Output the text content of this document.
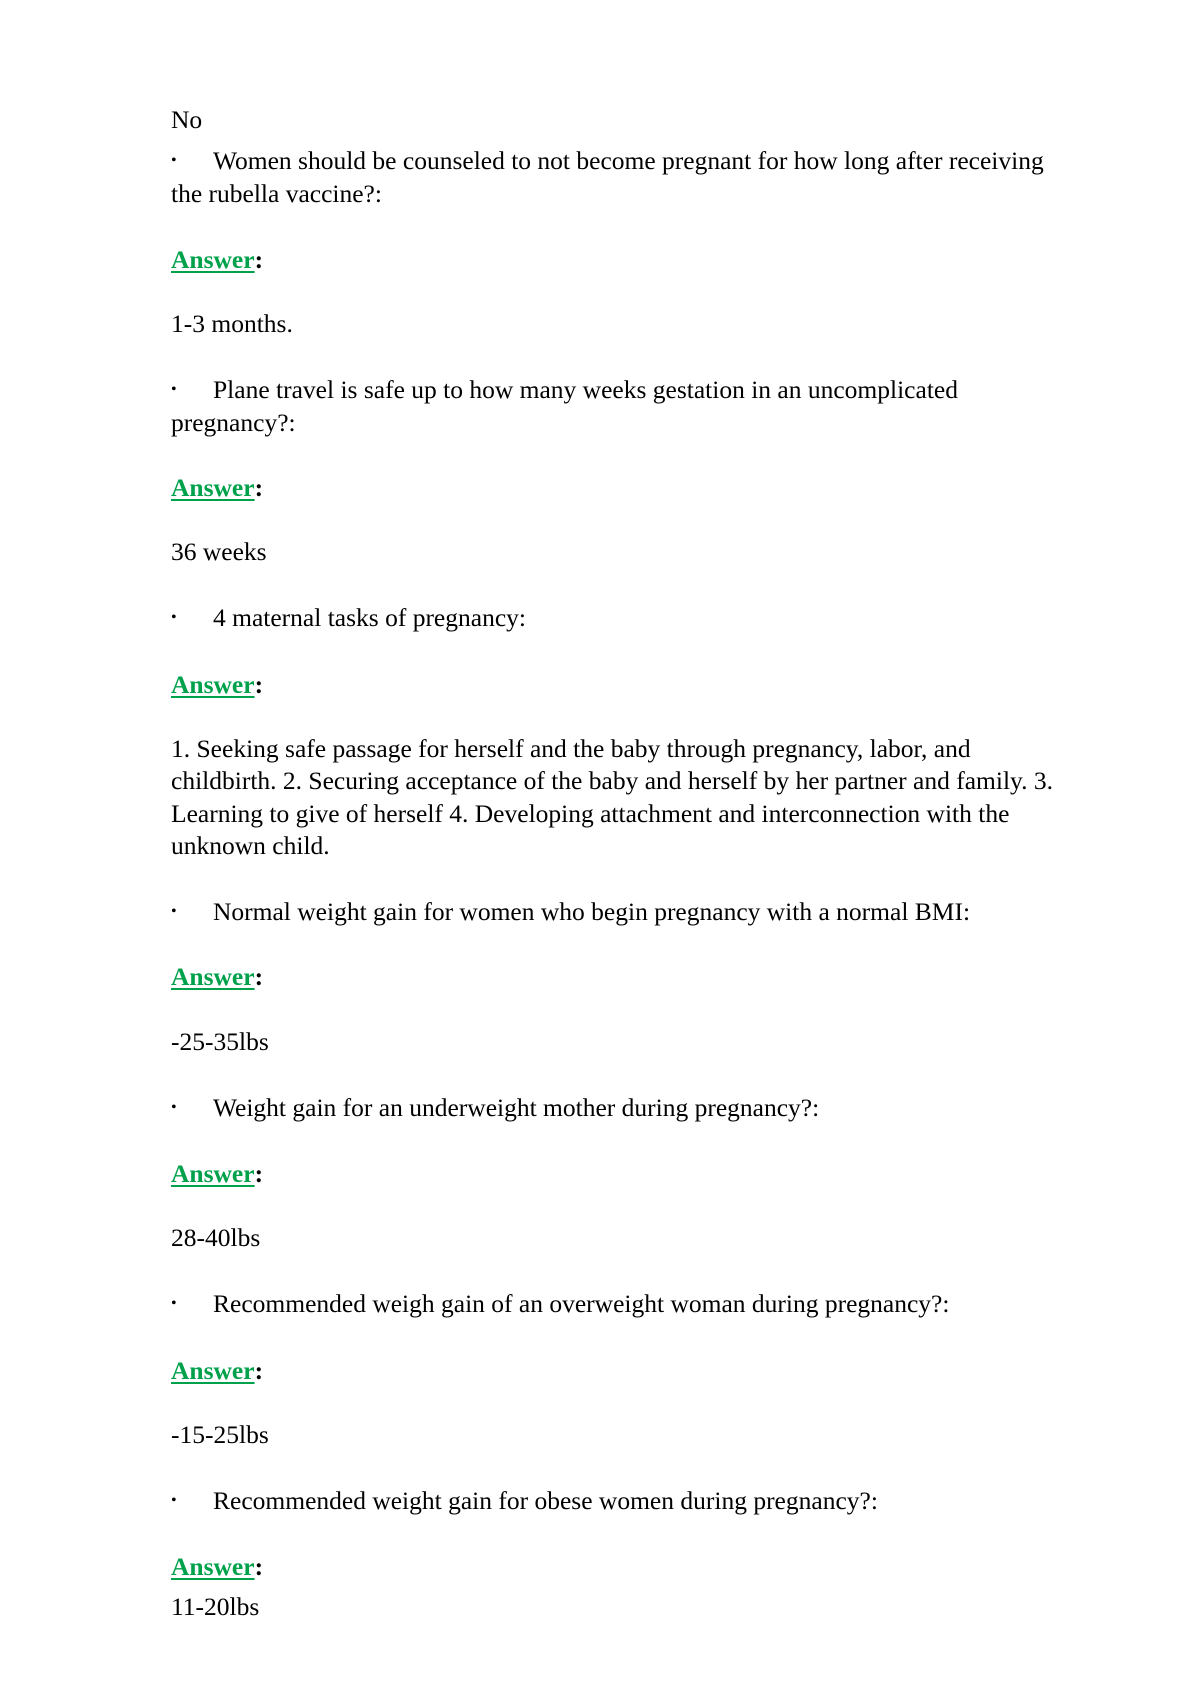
No
•	Women should be counseled to not become pregnant for how long after receiving the rubella vaccine?:
Answer:
1-3 months.
•	Plane travel is safe up to how many weeks gestation in an uncomplicated pregnancy?:
Answer:
36 weeks
•	4 maternal tasks of pregnancy:
Answer:
1. Seeking safe passage for herself and the baby through pregnancy, labor, and childbirth. 2. Securing acceptance of the baby and herself by her partner and family. 3. Learning to give of herself 4. Developing attachment and interconnection with the unknown child.
•	Normal weight gain for women who begin pregnancy with a normal BMI:
Answer:
-25-35lbs
•	Weight gain for an underweight mother during pregnancy?:
Answer:
28-40lbs
•	Recommended weigh gain of an overweight woman during pregnancy?:
Answer:
-15-25lbs
•	Recommended weight gain for obese women during pregnancy?:
Answer:
11-20lbs
